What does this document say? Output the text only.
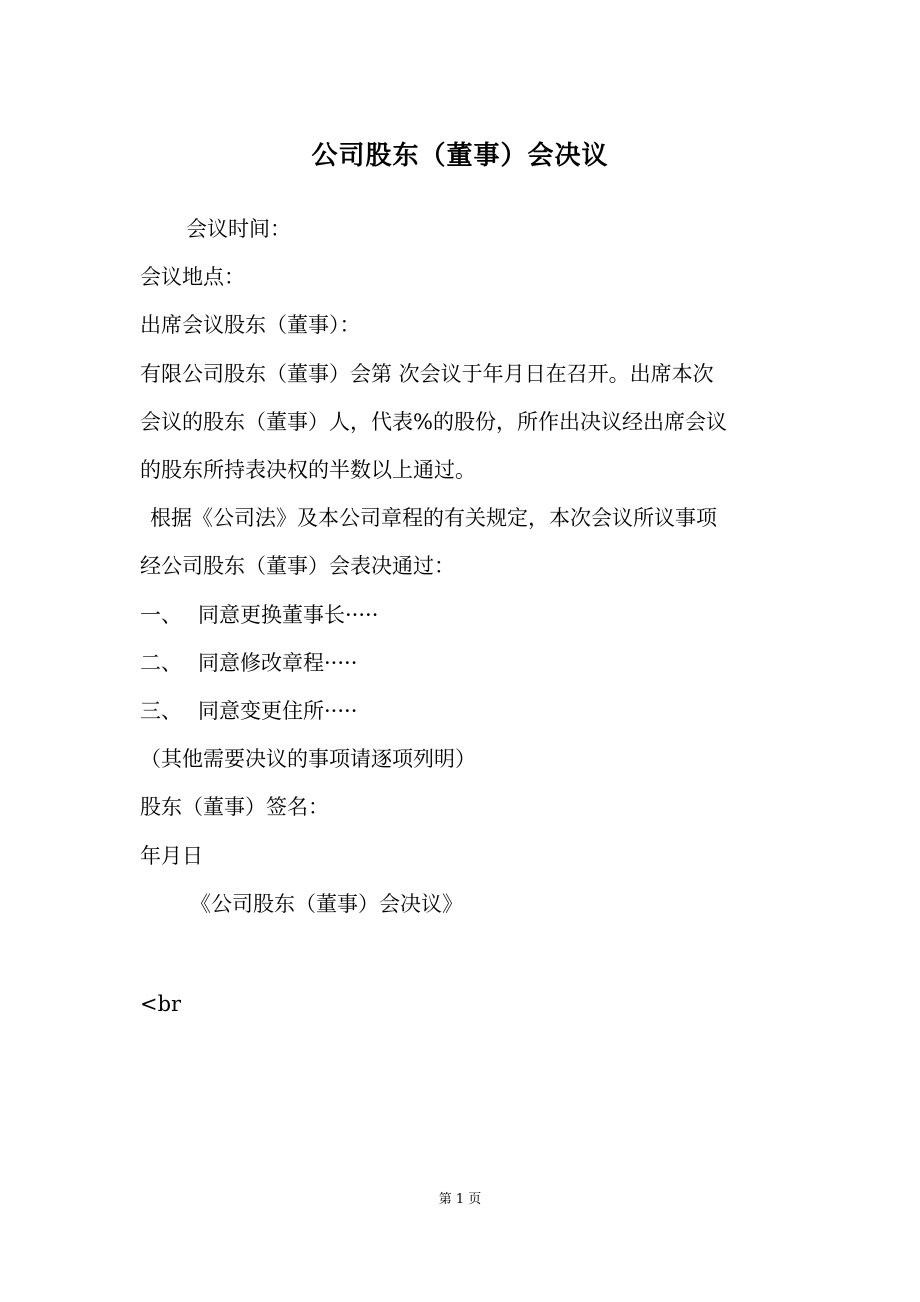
公司股东（董事）会决议
会议时间：
会议地点：
出席会议股东（董事）：
有限公司股东（董事）会第 次会议于年月日在召开。出席本次
会议的股东（董事）人，代表%的股份，所作出决议经出席会议
的股东所持表决权的半数以上通过。
根据《公司法》及本公司章程的有关规定，本次会议所议事项
经公司股东（董事）会表决通过：
一、 同意更换董事长·····
二、 同意修改章程·····
三、 同意变更住所·····
（其他需要决议的事项请逐项列明）
股东（董事）签名：
年月日
《公司股东（董事）会决议》
<br
第 1 页
